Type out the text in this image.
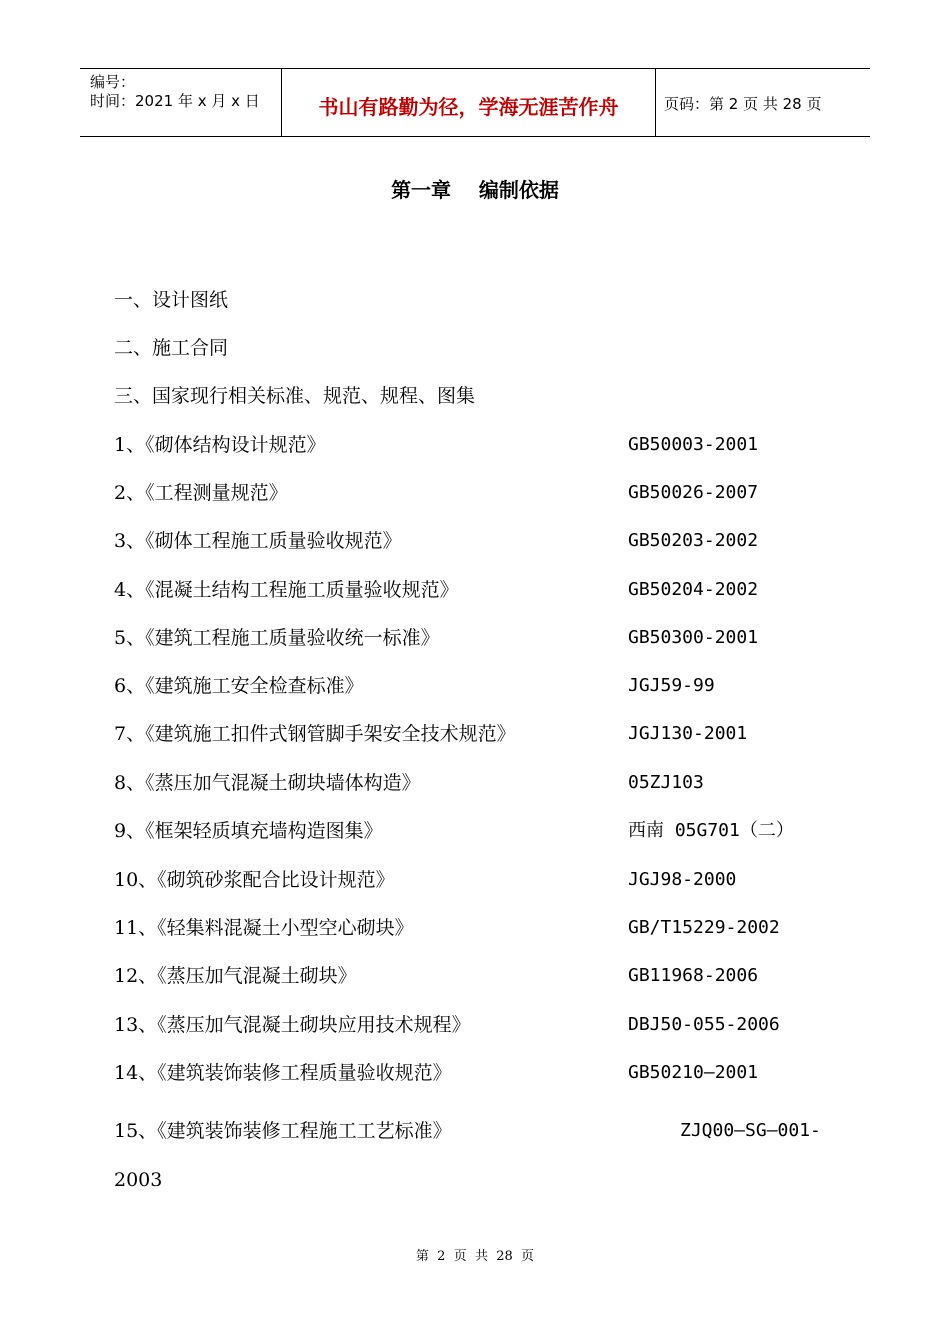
编号：
时间：2021 年 x 月 x 日	书山有路勤为径，学海无涯苦作舟	页码：第 2 页 共 28 页
第一章    编制依据
一、设计图纸
二、施工合同
三、国家现行相关标准、规范、规程、图集
1、《砌体结构设计规范》	GB50003-2001
2、《工程测量规范》	GB50026-2007
3、《砌体工程施工质量验收规范》	GB50203-2002
4、《混凝土结构工程施工质量验收规范》	GB50204-2002
5、《建筑工程施工质量验收统一标准》	GB50300-2001
6、《建筑施工安全检查标准》	JGJ59-99
7、《建筑施工扣件式钢管脚手架安全技术规范》	JGJ130-2001
8、《蒸压加气混凝土砌块墙体构造》	05ZJ103
9、《框架轻质填充墙构造图集》	西南 05G701（二）
10、《砌筑砂浆配合比设计规范》	JGJ98-2000
11、《轻集料混凝土小型空心砌块》	GB/T15229-2002
12、《蒸压加气混凝土砌块》	GB11968-2006
13、《蒸压加气混凝土砌块应用技术规程》	DBJ50-055-2006
14、《建筑装饰装修工程质量验收规范》	GB50210—2001
15、《建筑装饰装修工程施工工艺标准》	ZJQ00—SG—001-
2003
第  2  页  共  28  页
